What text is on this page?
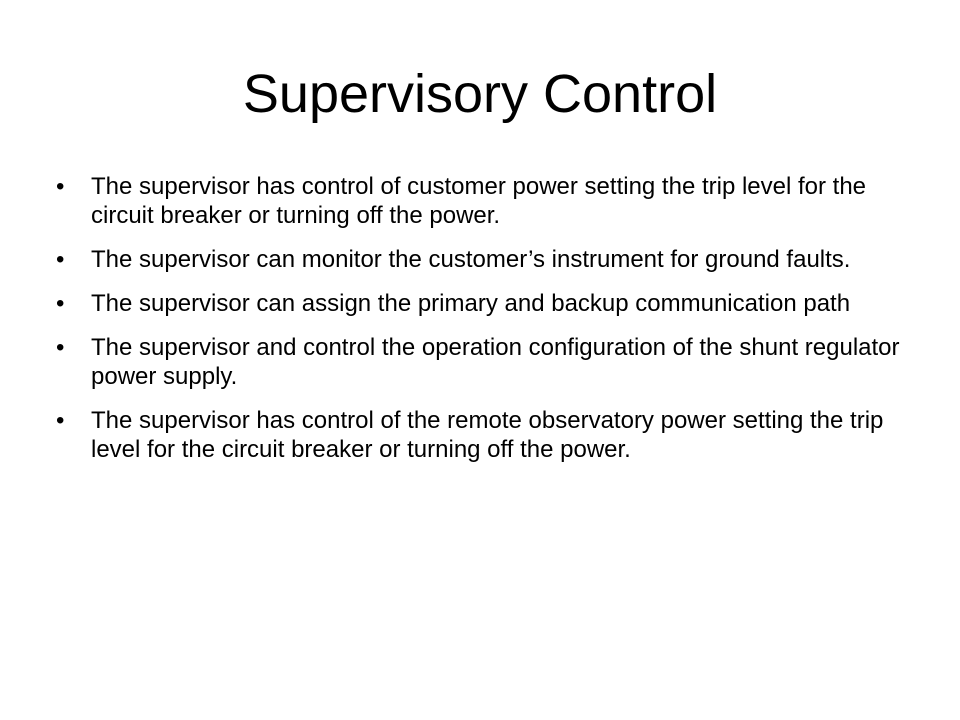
Supervisory Control
•	The supervisor has control of customer power setting the trip level for the circuit breaker or turning off the power.
•	The supervisor can monitor the customer’s instrument for ground faults.
•	The supervisor can assign the primary and backup communication path
•	The supervisor and control the operation configuration of the shunt regulator power supply.
•	The supervisor has control of the remote observatory power setting the trip level for the circuit breaker or turning off the power.
